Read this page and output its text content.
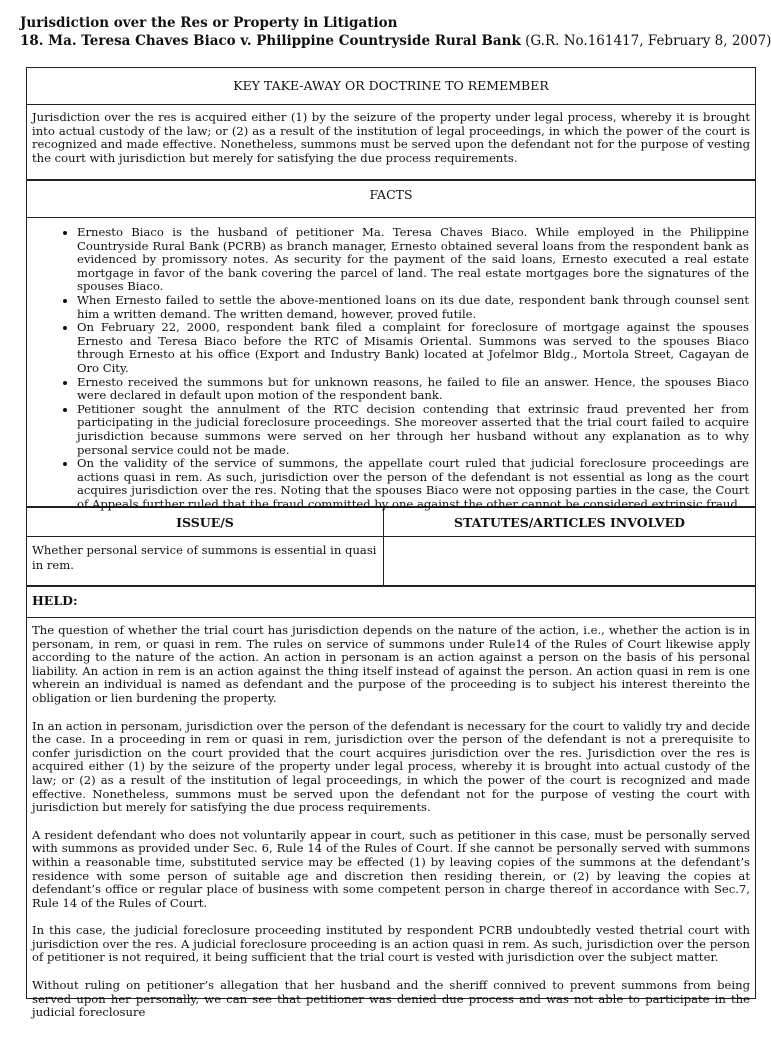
Jurisdiction over the Res or Property in Litigation
18. Ma. Teresa Chaves Biaco v. Philippine Countryside Rural Bank (G.R. No.161417, February 8, 2007)
KEY TAKE-AWAY OR DOCTRINE TO REMEMBER
Jurisdiction over the res is acquired either (1) by the seizure of the property under legal process, whereby it is brought into actual custody of the law; or (2) as a result of the institution of legal proceedings, in which the power of the court is recognized and made effective. Nonetheless, summons must be served upon the defendant not for the purpose of vesting the court with jurisdiction but merely for satisfying the due process requirements.
FACTS
• Ernesto Biaco is the husband of petitioner Ma. Teresa Chaves Biaco. While employed in the Philippine Countryside Rural Bank (PCRB) as branch manager, Ernesto obtained several loans from the respondent bank as evidenced by promissory notes. As security for the payment of the said loans, Ernesto executed a real estate mortgage in favor of the bank covering the parcel of land. The real estate mortgages bore the signatures of the spouses Biaco.
• When Ernesto failed to settle the above-mentioned loans on its due date, respondent bank through counsel sent him a written demand. The written demand, however, proved futile.
• On February 22, 2000, respondent bank filed a complaint for foreclosure of mortgage against the spouses Ernesto and Teresa Biaco before the RTC of Misamis Oriental. Summons was served to the spouses Biaco through Ernesto at his office (Export and Industry Bank) located at Jofelmor Bldg., Mortola Street, Cagayan de Oro City.
• Ernesto received the summons but for unknown reasons, he failed to file an answer. Hence, the spouses Biaco were declared in default upon motion of the respondent bank.
• Petitioner sought the annulment of the RTC decision contending that extrinsic fraud prevented her from participating in the judicial foreclosure proceedings. She moreover asserted that the trial court failed to acquire jurisdiction because summons were served on her through her husband without any explanation as to why personal service could not be made.
• On the validity of the service of summons, the appellate court ruled that judicial foreclosure proceedings are actions quasi in rem. As such, jurisdiction over the person of the defendant is not essential as long as the court acquires jurisdiction over the res. Noting that the spouses Biaco were not opposing parties in the case, the Court of Appeals further ruled that the fraud committed by one against the other cannot be considered extrinsic fraud.
ISSUE/S	STATUTES/ARTICLES INVOLVED
Whether personal service of summons is essential in quasi in rem.
HELD:

The question of whether the trial court has jurisdiction depends on the nature of the action, i.e., whether the action is in personam, in rem, or quasi in rem. The rules on service of summons under Rule14 of the Rules of Court likewise apply according to the nature of the action. An action in personam is an action against a person on the basis of his personal liability. An action in rem is an action against the thing itself instead of against the person. An action quasi in rem is one wherein an individual is named as defendant and the purpose of the proceeding is to subject his interest thereinto the obligation or lien burdening the property.

In an action in personam, jurisdiction over the person of the defendant is necessary for the court to validly try and decide the case. In a proceeding in rem or quasi in rem, jurisdiction over the person of the defendant is not a prerequisite to confer jurisdiction on the court provided that the court acquires jurisdiction over the res. Jurisdiction over the res is acquired either (1) by the seizure of the property under legal process, whereby it is brought into actual custody of the law; or (2) as a result of the institution of legal proceedings, in which the power of the court is recognized and made effective. Nonetheless, summons must be served upon the defendant not for the purpose of vesting the court with jurisdiction but merely for satisfying the due process requirements.

A resident defendant who does not voluntarily appear in court, such as petitioner in this case, must be personally served with summons as provided under Sec. 6, Rule 14 of the Rules of Court. If she cannot be personally served with summons within a reasonable time, substituted service may be effected (1) by leaving copies of the summons at the defendant’s residence with some person of suitable age and discretion then residing therein, or (2) by leaving the copies at defendant’s office or regular place of business with some competent person in charge thereof in accordance with Sec.7, Rule 14 of the Rules of Court.

In this case, the judicial foreclosure proceeding instituted by respondent PCRB undoubtedly vested thetrial court with jurisdiction over the res. A judicial foreclosure proceeding is an action quasi in rem. As such, jurisdiction over the person of petitioner is not required, it being sufficient that the trial court is vested with jurisdiction over the subject matter.

Without ruling on petitioner’s allegation that her husband and the sheriff connived to prevent summons from being served upon her personally, we can see that petitioner was denied due process and was not able to participate in the judicial foreclosure
